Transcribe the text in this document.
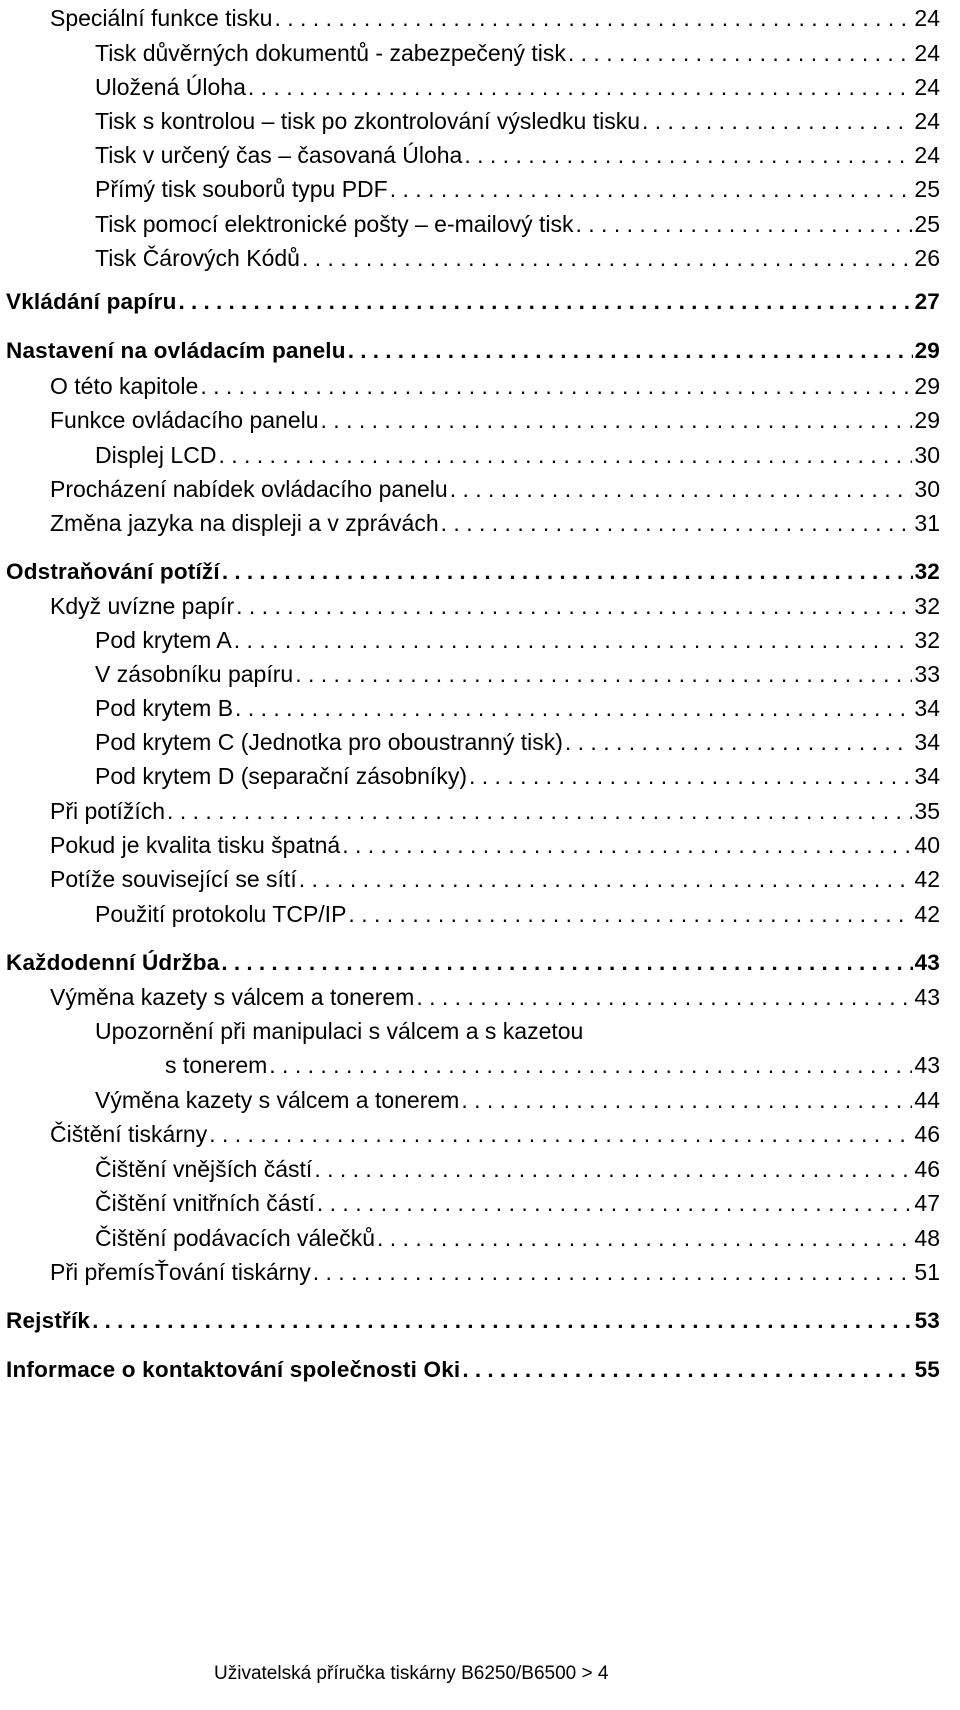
Speciální funkce tisku . . .	24
Tisk důvěrných dokumentů - zabezpečený tisk . . .	24
Uložená Úloha . . .	24
Tisk s kontrolou – tisk po zkontrolování výsledku tisku . . .	24
Tisk v určený čas – časovaná Úloha . . .	24
Přímý tisk souborů typu PDF . . .	25
Tisk pomocí elektronické pošty – e-mailový tisk . . .	25
Tisk Čárových Kódů . . .	26
Vkládání papíru . . .	27
Nastavení na ovládacím panelu . . .	29
O této kapitole . . .	29
Funkce ovládacího panelu . . .	29
Displej LCD . . .	30
Procházení nabídek ovládacího panelu . . .	30
Změna jazyka na displeji a v zprávách . . .	31
Odstraňování potíží . . .	32
Když uvízne papír . . .	32
Pod krytem A . . .	32
V zásobníku papíru . . .	33
Pod krytem B . . .	34
Pod krytem C (Jednotka pro oboustranný tisk) . . .	34
Pod krytem D (separační zásobníky) . . .	34
Při potížích . . .	35
Pokud je kvalita tisku špatná . . .	40
Potíže související se sítí . . .	42
Použití protokolu TCP/IP . . .	42
Každodenní Údržba . . .	43
Výměna kazety s válcem a tonerem . . .	43
Upozornění při manipulaci s válcem a s kazetou
s tonerem . . .	43
Výměna kazety s válcem a tonerem . . .	44
Čištění tiskárny . . .	46
Čištění vnějších částí . . .	46
Čištění vnitřních částí . . .	47
Čištění podávacích válečků . . .	48
Při přemísŤování tiskárny . . .	51
Rejstřík . . .	53
Informace o kontaktování společnosti Oki . . .	55
Uživatelská příručka tiskárny B6250/B6500 > 4
